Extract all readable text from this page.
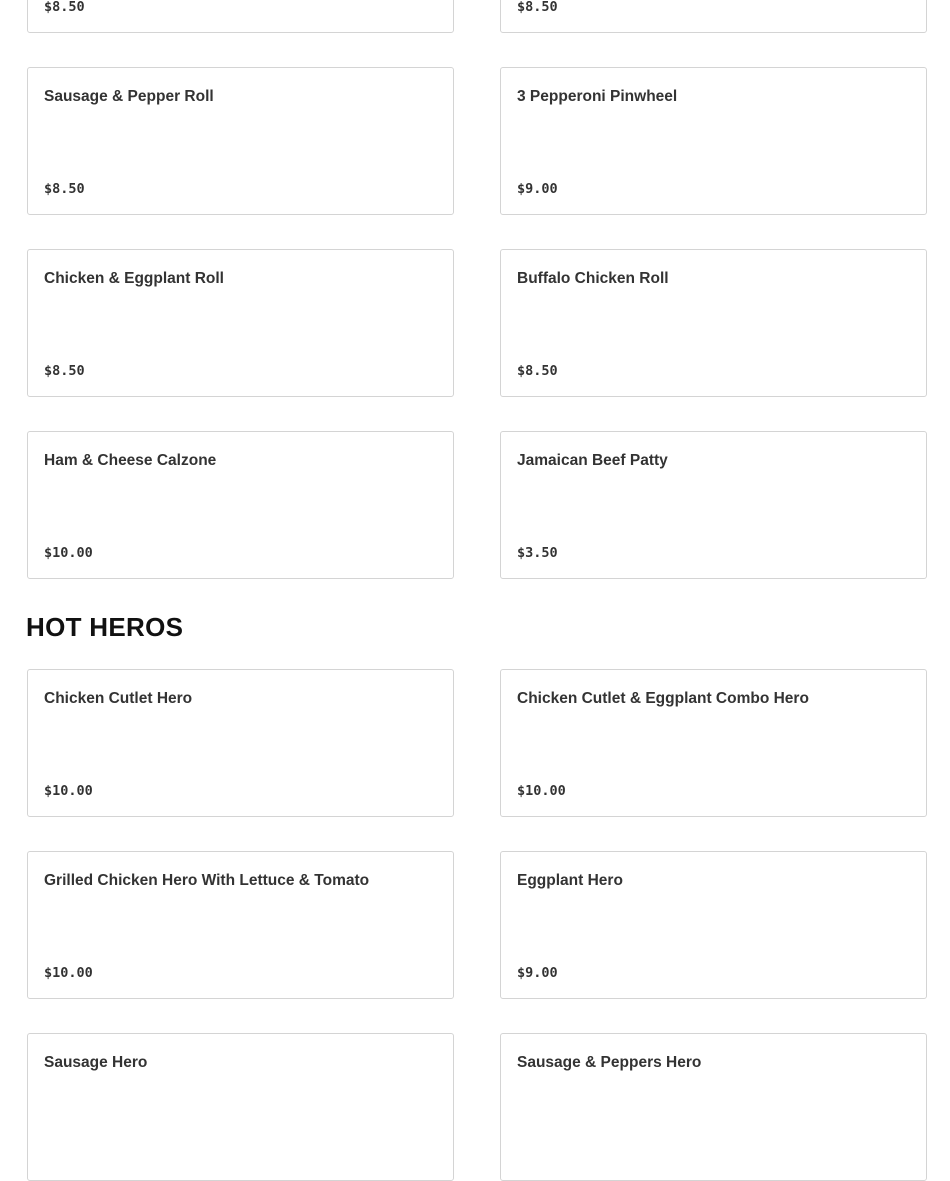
$8.50	$8.50
Sausage & Pepper Roll
$8.50
3 Pepperoni Pinwheel
$9.00
Chicken & Eggplant Roll
$8.50
Buffalo Chicken Roll
$8.50
Ham & Cheese Calzone
$10.00
Jamaican Beef Patty
$3.50
HOT HEROS
Chicken Cutlet Hero
$10.00
Chicken Cutlet & Eggplant Combo Hero
$10.00
Grilled Chicken Hero With Lettuce & Tomato
$10.00
Eggplant Hero
$9.00
Sausage Hero	Sausage & Peppers Hero
